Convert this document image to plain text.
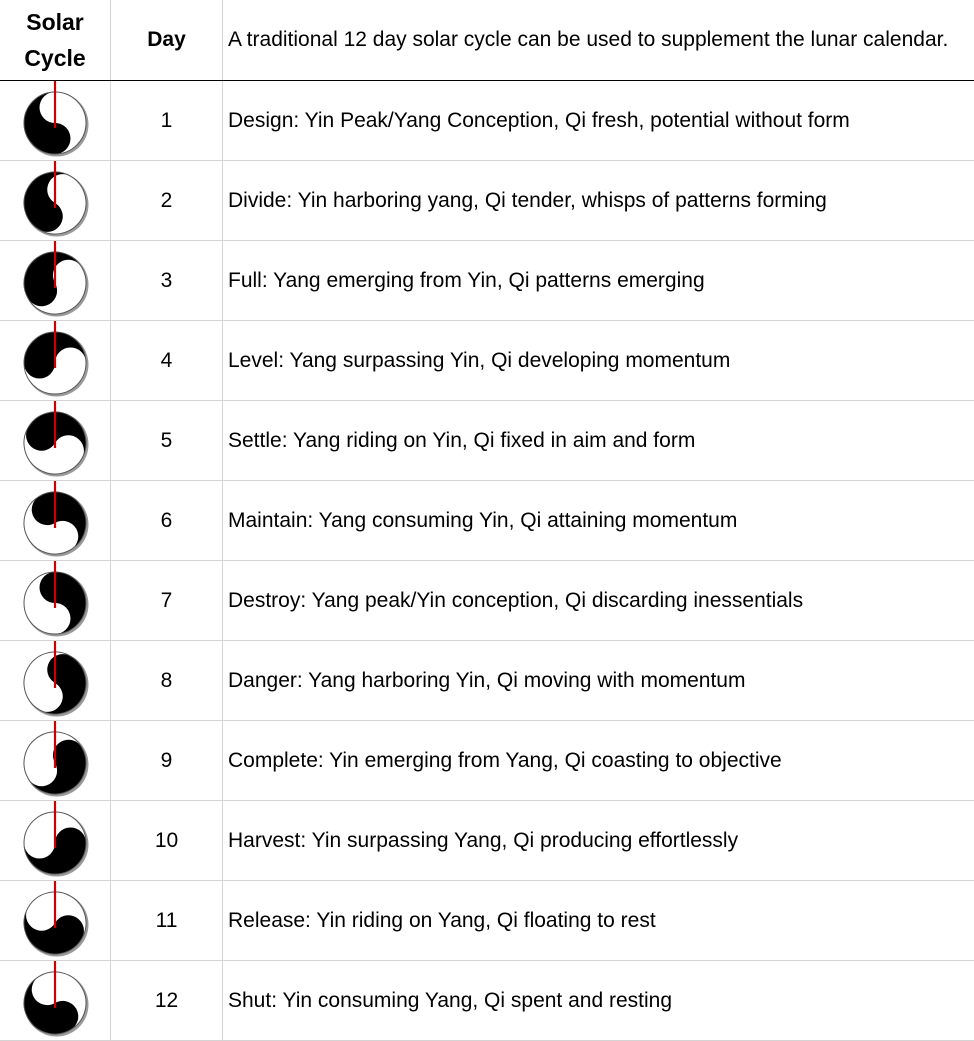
Solar
Cycle
Day	A traditional 12 day solar cycle can be used to supplement the lunar calendar.
1	Design: Yin Peak/Yang Conception, Qi fresh, potential without form
2	Divide: Yin harboring yang, Qi tender, whisps of patterns forming
3	Full: Yang emerging from Yin, Qi patterns emerging
4	Level: Yang surpassing Yin, Qi developing momentum
5	Settle: Yang riding on Yin, Qi fixed in aim and form
6	Maintain: Yang consuming Yin, Qi attaining momentum
7	Destroy: Yang peak/Yin conception, Qi discarding inessentials
8	Danger: Yang harboring Yin, Qi moving with momentum
9	Complete: Yin emerging from Yang, Qi coasting to objective
10	Harvest: Yin surpassing Yang, Qi producing effortlessly
11	Release: Yin riding on Yang, Qi floating to rest
12	Shut: Yin consuming Yang, Qi spent and resting
